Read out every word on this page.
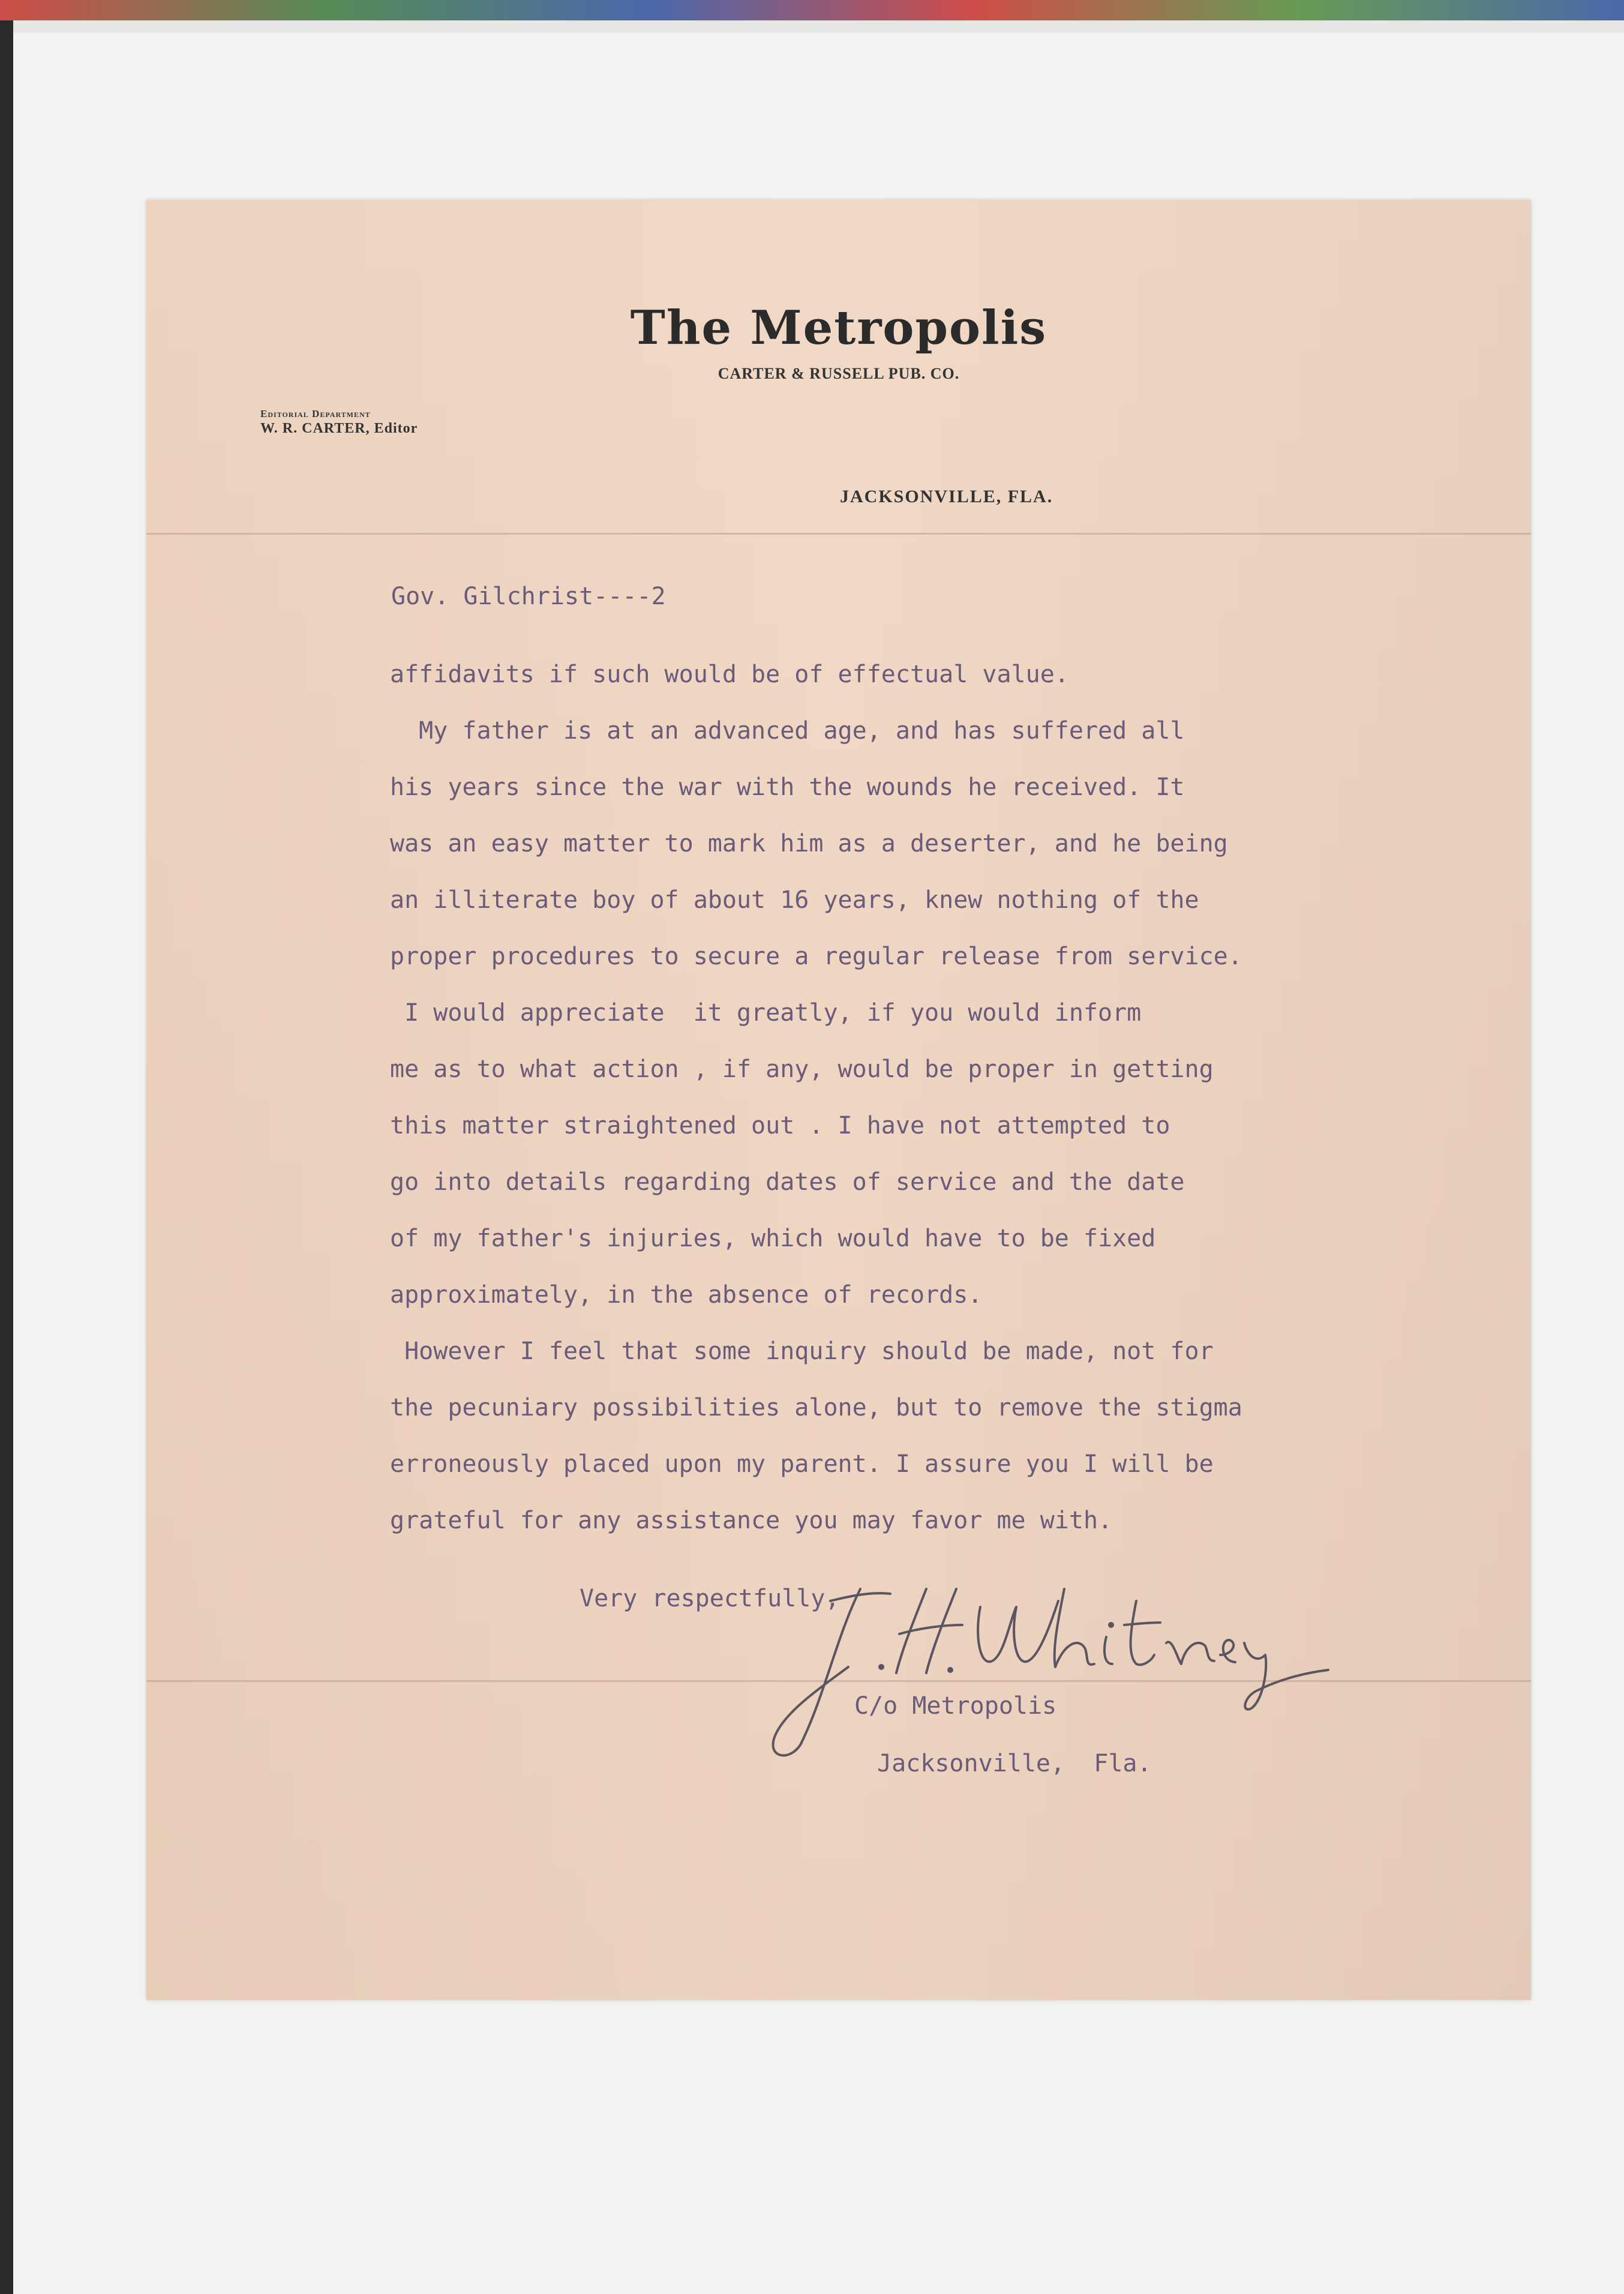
The Metropolis
CARTER & RUSSELL PUB. CO.
Editorial Department
W. R. CARTER, Editor
JACKSONVILLE, FLA.
Gov. Gilchrist----2
affidavits if such would be of effectual value.
My father is at an advanced age, and has suffered all
his years since the war with the wounds he received. It
was an easy matter to mark him as a deserter, and he being
an illiterate boy of about 16 years, knew nothing of the
proper procedures to secure a regular release from service.
I would appreciate  it greatly, if you would inform
me as to what action , if any, would be proper in getting
this matter straightened out . I have not attempted to
go into details regarding dates of service and the date
of my father's injuries, which would have to be fixed
approximately, in the absence of records.
However I feel that some inquiry should be made, not for
the pecuniary possibilities alone, but to remove the stigma
erroneously placed upon my parent. I assure you I will be
grateful for any assistance you may favor me with.
Very respectfully,
C/o Metropolis
Jacksonville,  Fla.
